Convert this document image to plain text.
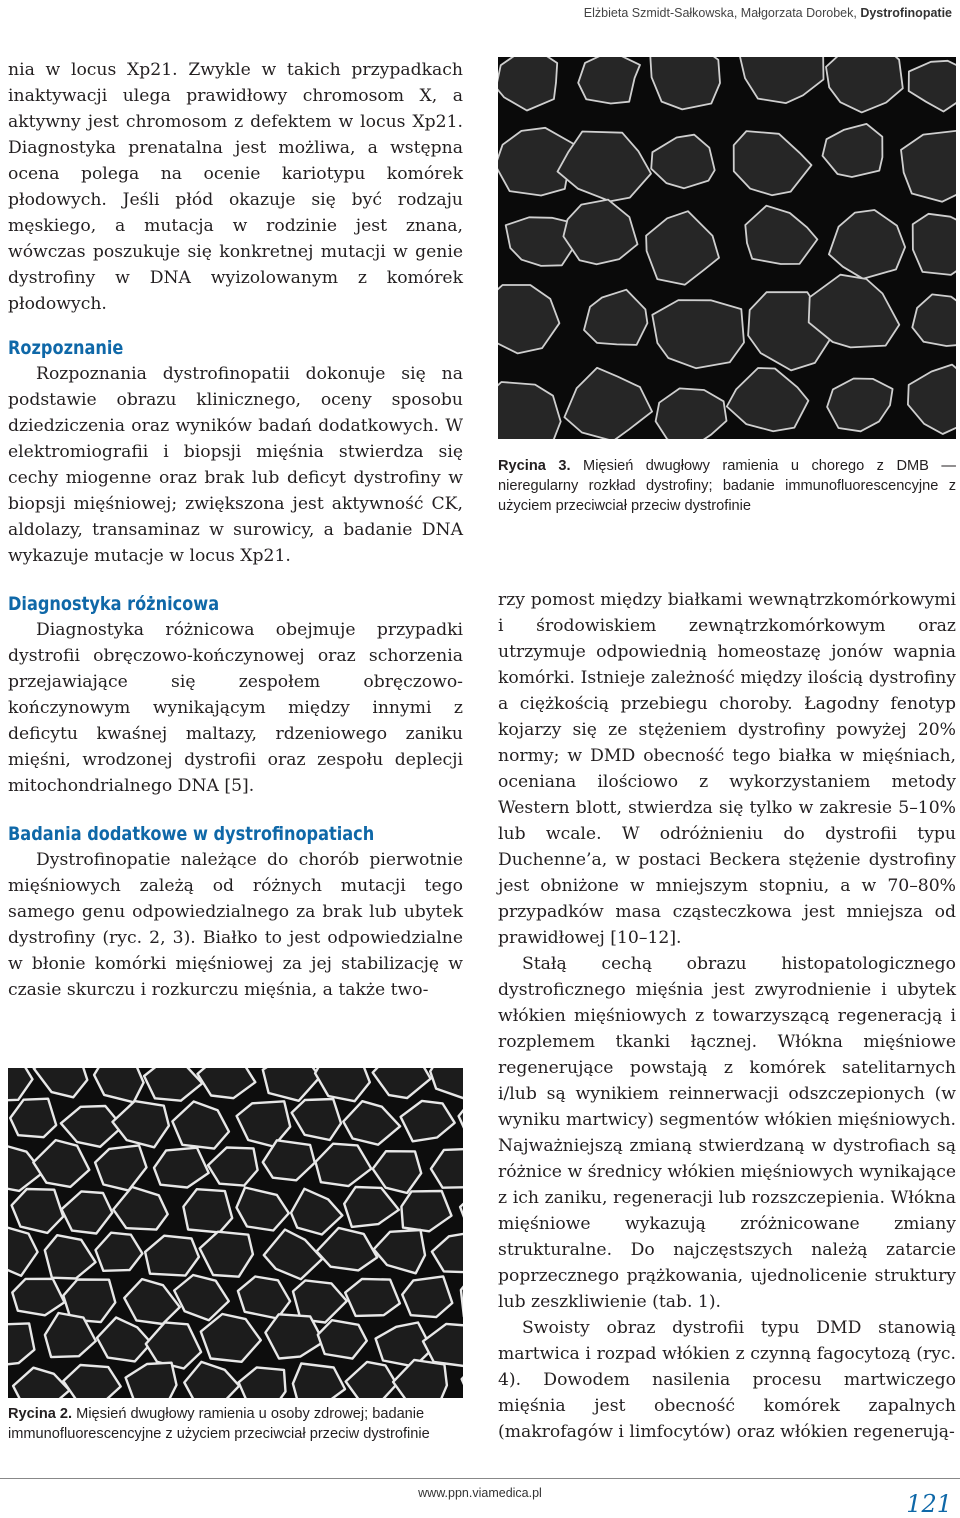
Elżbieta Szmidt-Sałkowska, Małgorzata Dorobek, Dystrofinopatie

nia w locus Xp21. Zwykle w takich przypadkach inaktywacji ulega prawidłowy chromosom X, a aktywny jest chromosom z defektem w locus Xp21. Diagnostyka prenatalna jest możliwa, a wstępna ocena polega na ocenie kariotypu komórek płodowych. Jeśli płód okazuje się być rodzaju męskiego, a mutacja w rodzinie jest znana, wówczas poszukuje się konkretnej mutacji w genie dystrofiny w DNA wyizolowanym z komórek płodowych.

Rozpoznanie

Rozpoznania dystrofinopatii dokonuje się na podstawie obrazu klinicznego, oceny sposobu dziedziczenia oraz wyników badań dodatkowych. W elektromiografii i biopsji mięśnia stwierdza się cechy miogenne oraz brak lub deficyt dystrofiny w biopsji mięśniowej; zwiększona jest aktywność CK, aldolazy, transaminaz w surowicy, a badanie DNA wykazuje mutacje w locus Xp21.

Diagnostyka różnicowa

Diagnostyka różnicowa obejmuje przypadki dystrofii obręczowo-kończynowej oraz schorzenia przejawiające się zespołem obręczowo-kończynowym wynikającym między innymi z deficytu kwaśnej maltazy, rdzeniowego zaniku mięśni, wrodzonej dystrofii oraz zespołu deplecji mitochondrialnego DNA [5].

Badania dodatkowe w dystrofinopatiach

Dystrofinopatie należące do chorób pierwotnie mięśniowych zależą od różnych mutacji tego samego genu odpowiedzialnego za brak lub ubytek dystrofiny (ryc. 2, 3). Białko to jest odpowiedzialne w błonie komórki mięśniowej za jej stabilizację w czasie skurczu i rozkurczu mięśnia, a także two-

Rycina 2. Mięsień dwugłowy ramienia u osoby zdrowej; badanie immunofluorescencyjne z użyciem przeciwciał przeciw dystrofinie
Rycina 3. Mięsień dwugłowy ramienia u chorego z DMB — nieregularny rozkład dystrofiny; badanie immunofluorescencyjne z użyciem przeciwciał przeciw dystrofinie

rzy pomost między białkami wewnątrzkomórkowymi i środowiskiem zewnątrzkomórkowym oraz utrzymuje odpowiednią homeostazę jonów wapnia komórki. Istnieje zależność między ilością dystrofiny a ciężkością przebiegu choroby. Łagodny fenotyp kojarzy się ze stężeniem dystrofiny powyżej 20% normy; w DMD obecność tego białka w mięśniach, oceniana ilościowo z wykorzystaniem metody Western blott, stwierdza się tylko w zakresie 5–10% lub wcale. W odróżnieniu do dystrofii typu Duchenne’a, w postaci Beckera stężenie dystrofiny jest obniżone w mniejszym stopniu, a w 70–80% przypadków masa cząsteczkowa jest mniejsza od prawidłowej [10–12].

Stałą cechą obrazu histopatologicznego dystroficznego mięśnia jest zwyrodnienie i ubytek włókien mięśniowych z towarzyszącą regeneracją i rozplemem tkanki łącznej. Włókna mięśniowe regenerujące powstają z komórek satelitarnych i/lub są wynikiem reinnerwacji odszczepionych (w wyniku martwicy) segmentów włókien mięśniowych. Najważniejszą zmianą stwierdzaną w dystrofiach są różnice w średnicy włókien mięśniowych wynikające z ich zaniku, regeneracji lub rozszczepienia. Włókna mięśniowe wykazują zróżnicowane zmiany strukturalne. Do najczęstszych należą zatarcie poprzecznego prążkowania, ujednolicenie struktury lub zeszkliwienie (tab. 1).

Swoisty obraz dystrofii typu DMD stanowią martwica i rozpad włókien z czynną fagocytozą (ryc. 4). Dowodem nasilenia procesu martwiczego mięśnia jest obecność komórek zapalnych (makrofagów i limfocytów) oraz włókien regenerują-

www.ppn.viamedica.pl	121
